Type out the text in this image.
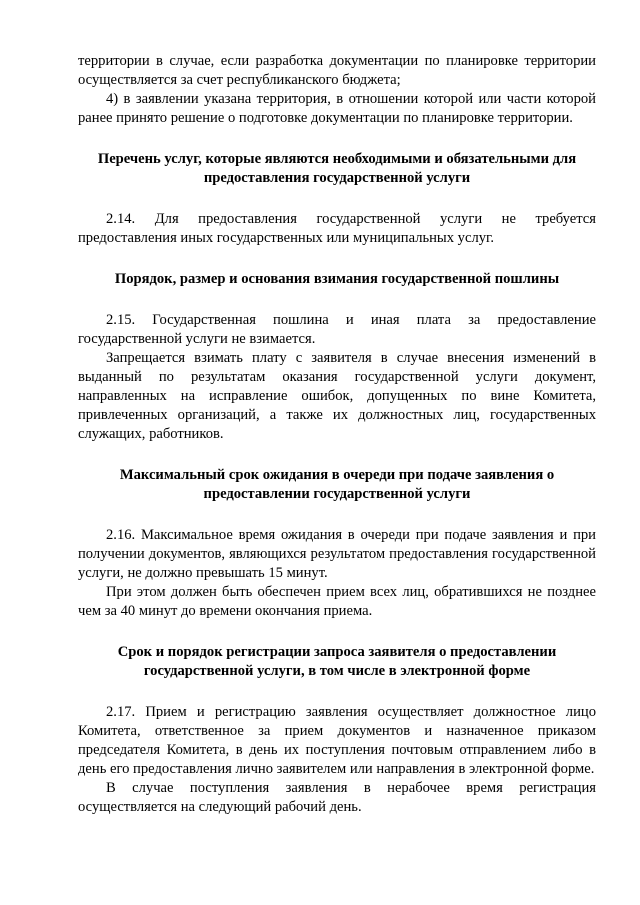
территории в случае, если разработка документации по планировке территории осуществляется за счет республиканского бюджета;

4) в заявлении указана территория, в отношении которой или части которой ранее принято решение о подготовке документации по планировке территории.

Перечень услуг, которые являются необходимыми и обязательными для предоставления государственной услуги

2.14. Для предоставления государственной услуги не требуется предоставления иных государственных или муниципальных услуг.

Порядок, размер и основания взимания государственной пошлины

2.15. Государственная пошлина и иная плата за предоставление государственной услуги не взимается.

Запрещается взимать плату с заявителя в случае внесения изменений в выданный по результатам оказания государственной услуги документ, направленных на исправление ошибок, допущенных по вине Комитета, привлеченных организаций, а также их должностных лиц, государственных служащих, работников.

Максимальный срок ожидания в очереди при подаче заявления о предоставлении государственной услуги

2.16. Максимальное время ожидания в очереди при подаче заявления и при получении документов, являющихся результатом предоставления государственной услуги, не должно превышать 15 минут.

При этом должен быть обеспечен прием всех лиц, обратившихся не позднее чем за 40 минут до времени окончания приема.

Срок и порядок регистрации запроса заявителя о предоставлении государственной услуги, в том числе в электронной форме

2.17. Прием и регистрацию заявления осуществляет должностное лицо Комитета, ответственное за прием документов и назначенное приказом председателя Комитета, в день их поступления почтовым отправлением либо в день его предоставления лично заявителем или направления в электронной форме.

В случае поступления заявления в нерабочее время регистрация осуществляется на следующий рабочий день.
